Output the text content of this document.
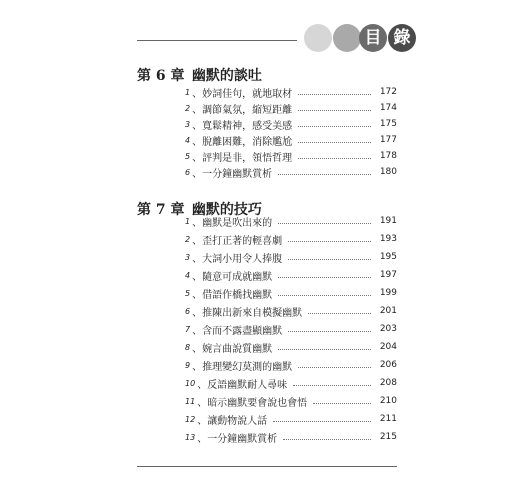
目 錄
第 6 章 幽默的談吐
1 、 妙詞佳句，就地取材	172
2 、 調節氣氛，縮短距離	174
3 、 寬鬆精神，感受美感	175
4 、 脫離困難，消除尷尬	177
5 、 評判是非，領悟哲理	178
6 、 一分鐘幽默賞析	180
第 7 章 幽默的技巧
1 、 幽默是吹出來的	191
2 、 歪打正著的輕喜劇	193
3 、 大詞小用令人捧腹	195
4 、 隨意可成就幽默	197
5 、 借語作橋找幽默	199
6 、 推陳出新來自模擬幽默	201
7 、 含而不露盡顯幽默	203
8 、 婉言曲說質幽默	204
9 、 推理變幻莫測的幽默	206
10 、 反語幽默耐人尋味	208
11 、 暗示幽默要會說也會悟	210
12 、 讓動物說人話	211
13 、 一分鐘幽默賞析	215
